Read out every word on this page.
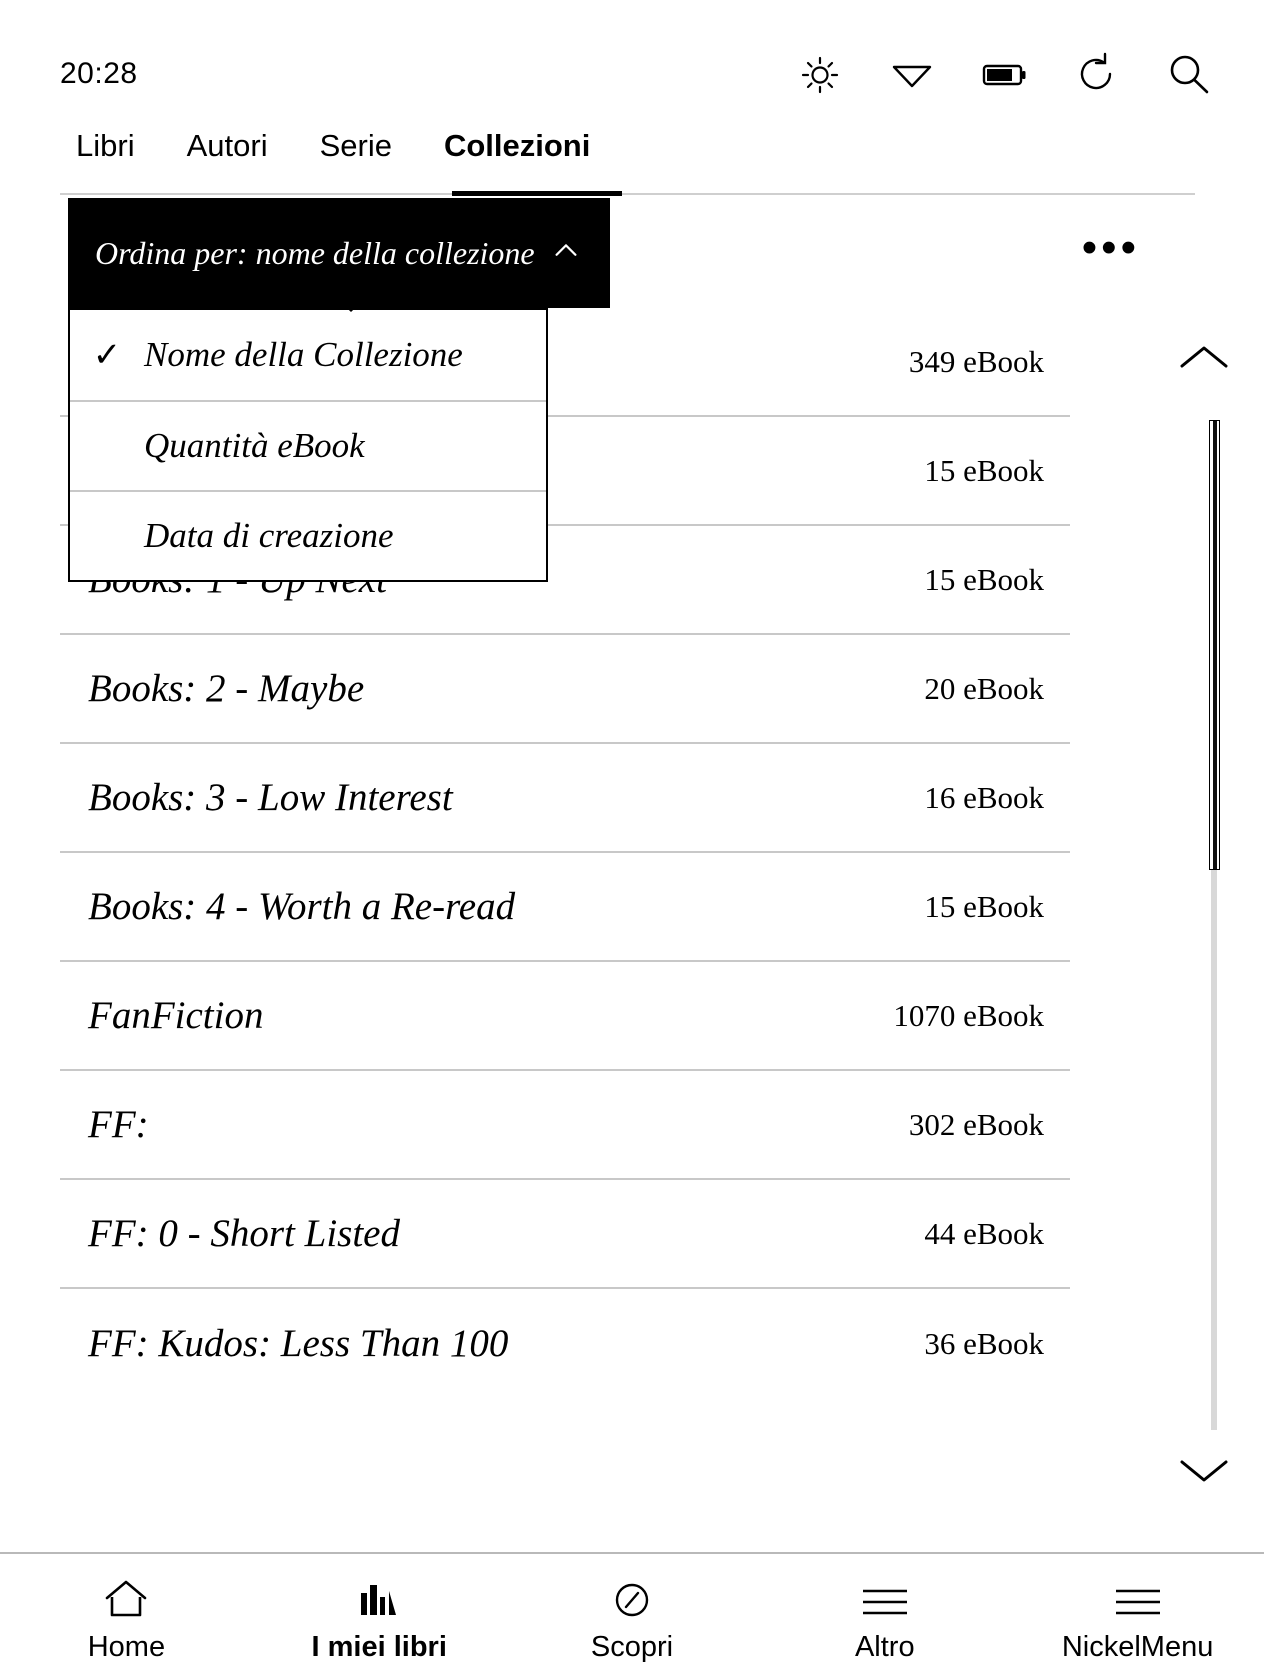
20:28
Libri	Autori	Serie	Collezioni
Ordina per: nome della collezione	•••
349 eBook
15 eBook
15 eBook
Books: 2 - Maybe	20 eBook
Books: 3 - Low Interest	16 eBook
Books: 4 - Worth a Re-read	15 eBook
FanFiction	1070 eBook
FF:	302 eBook
FF: 0 - Short Listed	44 eBook
FF: Kudos: Less Than 100	36 eBook
✓ Nome della Collezione
Quantità eBook
Data di creazione
Home	I miei libri	Scopri	Altro	NickelMenu
